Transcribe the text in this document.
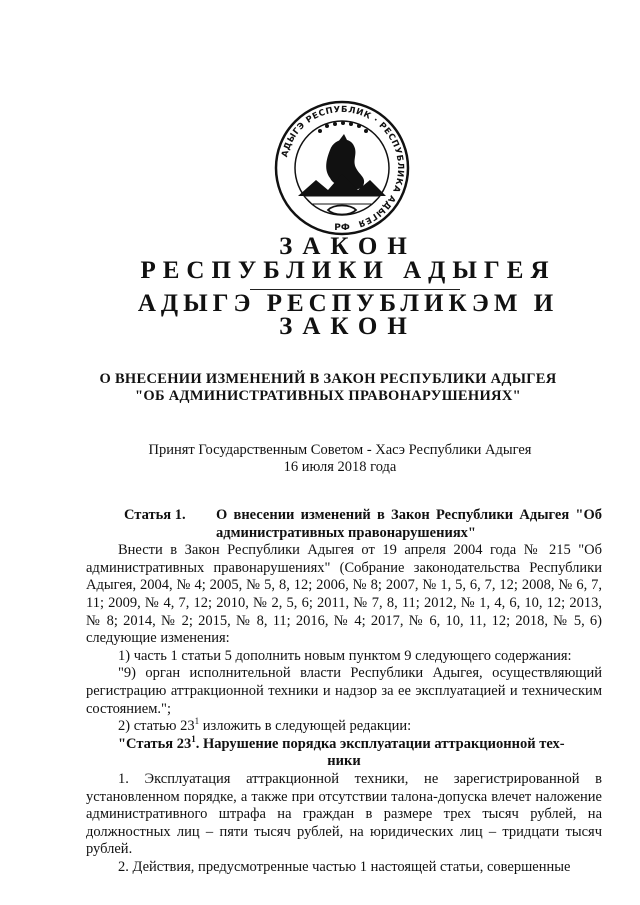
АДЫГЭ РЕСПУБЛИК · РЕСПУБЛИКА АДЫГЕЯ
РФ
ЗАКОН
РЕСПУБЛИКИ АДЫГЕЯ
АДЫГЭ РЕСПУБЛИКЭМ И
ЗАКОН
О ВНЕСЕНИИ ИЗМЕНЕНИЙ В ЗАКОН РЕСПУБЛИКИ АДЫГЕЯ
"ОБ АДМИНИСТРАТИВНЫХ ПРАВОНАРУШЕНИЯХ"
Принят Государственным Советом - Хасэ Республики Адыгея
16 июля 2018 года
Статья 1.	О внесении изменений в Закон Республики Адыгея "Об административных правонарушениях"

Внести в Закон Республики Адыгея от 19 апреля 2004 года № 215 "Об административных правонарушениях" (Собрание законодательства Республики Адыгея, 2004, № 4; 2005, № 5, 8, 12; 2006, № 8; 2007, № 1, 5, 6, 7, 12; 2008, № 6, 7, 11; 2009, № 4, 7, 12; 2010, № 2, 5, 6; 2011, № 7, 8, 11; 2012, № 1, 4, 6, 10, 12; 2013, № 8; 2014, № 2; 2015, № 8, 11; 2016, № 4; 2017, № 6, 10, 11, 12; 2018, № 5, 6) следующие изменения:

1) часть 1 статьи 5 дополнить новым пунктом 9 следующего содержания:

"9) орган исполнительной власти Республики Адыгея, осуществляющий регистрацию аттракционной техники и надзор за ее эксплуатацией и техническим состоянием.";

2) статью $23^1$ изложить в следующей редакции:

"Статья $23^1$. Нарушение порядка эксплуатации аттракционной тех-
ники

1. Эксплуатация аттракционной техники, не зарегистрированной в установленном порядке, а также при отсутствии талона-допуска влечет наложение административного штрафа на граждан в размере трех тысяч рублей, на должностных лиц – пяти тысяч рублей, на юридических лиц – тридцати тысяч рублей.

2. Действия, предусмотренные частью 1 настоящей статьи, совершенные
